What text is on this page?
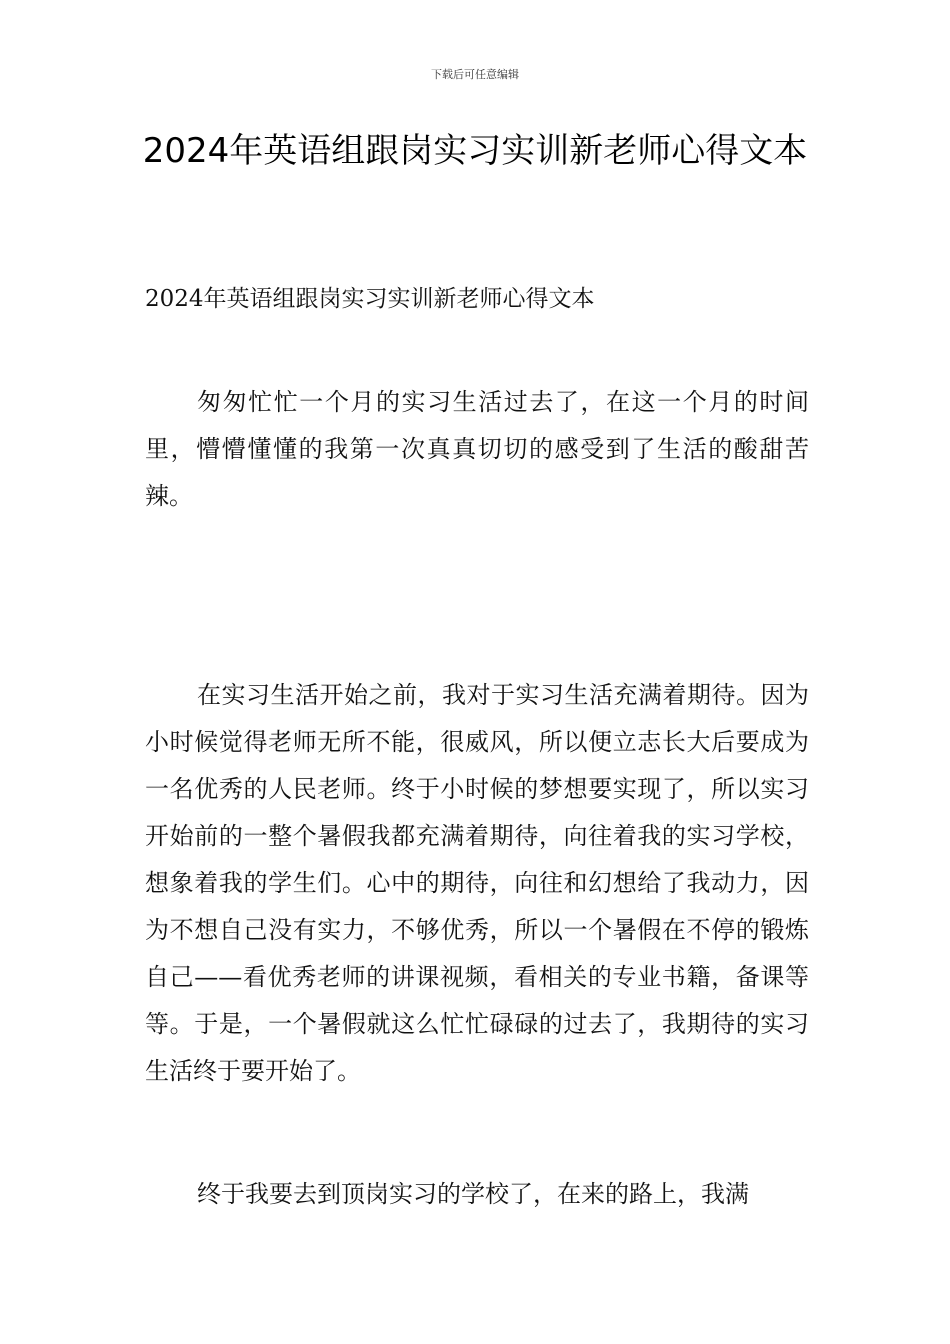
下载后可任意编辑
2024年英语组跟岗实习实训新老师心得文本

2024年英语组跟岗实习实训新老师心得文本

匆匆忙忙一个月的实习生活过去了，在这一个月的时间里，懵懵懂懂的我第一次真真切切的感受到了生活的酸甜苦辣。

在实习生活开始之前，我对于实习生活充满着期待。因为小时候觉得老师无所不能，很威风，所以便立志长大后要成为一名优秀的人民老师。终于小时候的梦想要实现了，所以实习开始前的一整个暑假我都充满着期待，向往着我的实习学校，想象着我的学生们。心中的期待，向往和幻想给了我动力，因为不想自己没有实力，不够优秀，所以一个暑假在不停的锻炼自己——看优秀老师的讲课视频，看相关的专业书籍，备课等等。于是，一个暑假就这么忙忙碌碌的过去了，我期待的实习生活终于要开始了。

终于我要去到顶岗实习的学校了，在来的路上，我满
